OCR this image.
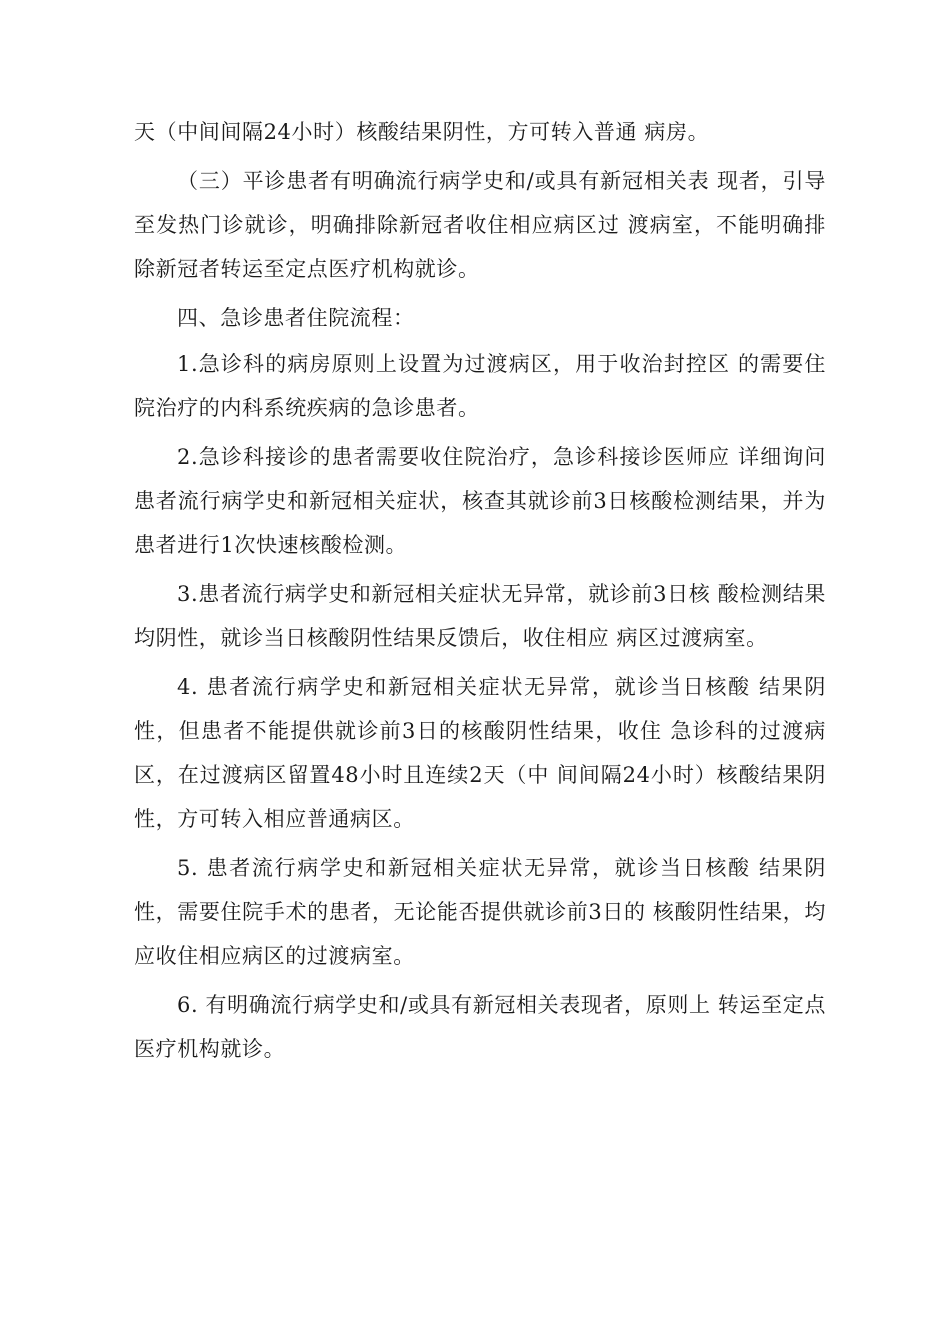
天（中间间隔24小时）核酸结果阴性，方可转入普通 病房。

（三）平诊患者有明确流行病学史和/或具有新冠相关表 现者，引导至发热门诊就诊，明确排除新冠者收住相应病区过 渡病室，不能明确排除新冠者转运至定点医疗机构就诊。

四、急诊患者住院流程：

1.急诊科的病房原则上设置为过渡病区，用于收治封控区 的需要住院治疗的内科系统疾病的急诊患者。

2.急诊科接诊的患者需要收住院治疗，急诊科接诊医师应 详细询问患者流行病学史和新冠相关症状，核查其就诊前3日核酸检测结果，并为患者进行1次快速核酸检测。

3.患者流行病学史和新冠相关症状无异常，就诊前3日核 酸检测结果均阴性，就诊当日核酸阴性结果反馈后，收住相应 病区过渡病室。

4. 患者流行病学史和新冠相关症状无异常，就诊当日核酸 结果阴性，但患者不能提供就诊前3日的核酸阴性结果，收住 急诊科的过渡病区，在过渡病区留置48小时且连续2天（中 间间隔24小时）核酸结果阴性，方可转入相应普通病区。

5. 患者流行病学史和新冠相关症状无异常，就诊当日核酸 结果阴性，需要住院手术的患者，无论能否提供就诊前3日的 核酸阴性结果，均应收住相应病区的过渡病室。

6. 有明确流行病学史和/或具有新冠相关表现者，原则上 转运至定点医疗机构就诊。
